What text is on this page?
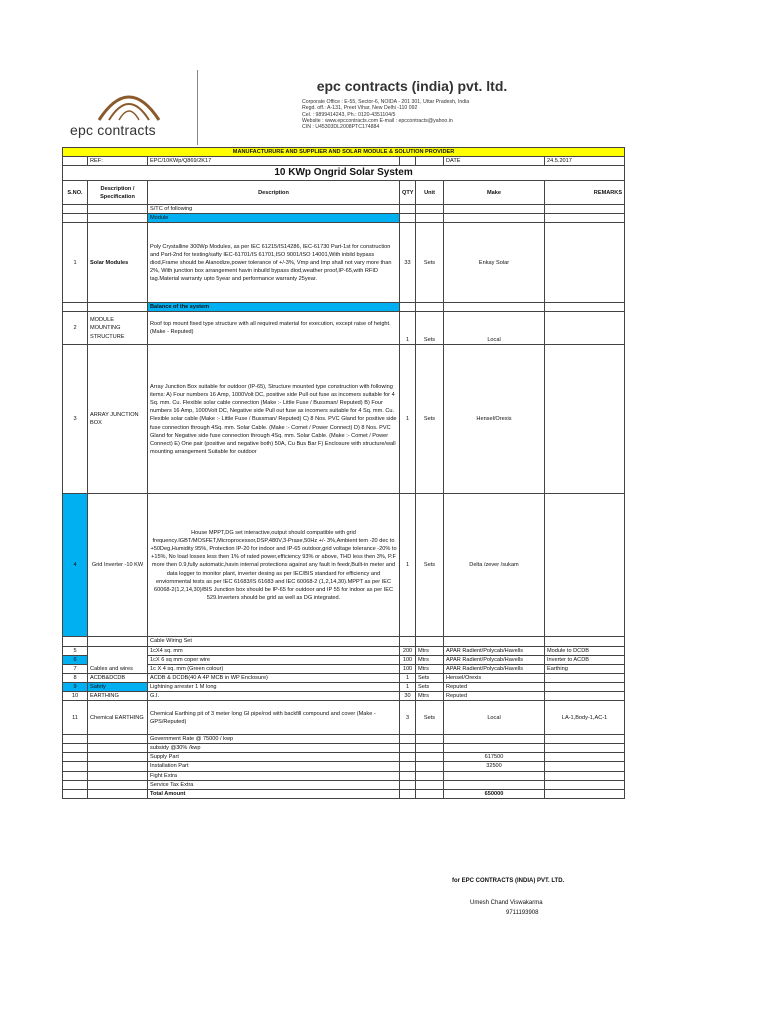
epc contracts
epc contracts (india) pvt. ltd.
Corporate Office : E-55, Sector-6, NOIDA - 201 301, Uttar Pradesh, India
Regd. off.: A-131, Preet Vihar, New Delhi -110 092
Cel. : 9899414243, Ph.: 0120-4351104/5
Website : www.epccontracts.com E-mail : epccontracts@yahoo.in
CIN : U45303DL2008PTC174884
MANUFACTURURE AND SUPPLIER AND SOLAR MODULE & SOLUTION PROVIDER						
	REF:	EPC/10KWp/Q869/2K17			DATE	24.5.2017
10 KWp Ongrid Solar System						
S.NO.	Description / Specification	Description	QTY	Unit	Make	REMARKS
		S/TC of following				
		Module				
1	Solar Modules	Poly Crystalline 300Wp Modules, as per IEC 61215/IS14286, IEC-61730 Part-1st for construction and Part-2nd for testing/safty IEC-61701/IS 61701,ISO 9001/ISO 14001,With inbild bypass diod,Frame should be Alanodize,power tolerance of +/-3%, Vmp and Imp shall not vary more than 2%, With junction box arrangement havin inbuild bypass diod,weather proof,IP-65,with RFID tag.Material warranty upto 5year and performance warranty 25year.	33	Sets	Enkay Solar	
		Balance of the system				
2	MODULE MOUNTING STRUCTURE	Roof top mount fixed type structure with all required material for execution, except raise of height. (Make - Reputed)	1	Sets	Local	
3	ARRAY JUNCTION BOX	Array Junction Box suitable for outdoor (IP-65), Structure mounted type construction with following items: A) Four numbers 16 Amp, 1000Volt DC, positive side Pull out fuse as incomers suitable for 4 Sq. mm. Cu. Flexible solar cable connection (Make :- Little Fuse / Bussman/ Reputed) B) Four numbers 16 Amp, 1000Volt DC, Negative side Pull out fuse as incomers suitable for 4 Sq. mm. Cu. Flexible solar cable (Make :- Little Fuse / Bussman/ Reputed) C) 8 Nos. PVC Gland for positive side fuse connection through 4Sq. mm. Solar Cable. (Make :- Comet / Power Connect) D) 8 Nos. PVC Gland for Negative side fuse connection through 4Sq. mm. Solar Cable. (Make :- Comet / Power Connect) E) One pair (positive and negative both) 50A, Cu Bus Bar F) Enclosure with structure/wall mounting arrangement Suitable for outdoor	1	Sets	Hensel/Orexis	
4	Grid Inverter -10 KW	House MPPT,DG set interactive,output should compatible with grid frequency.IGBT/MOSFET,Microprocessor,DSP,480V,3-Prase,50Hz +/- 3%,Ambient tem -20 dec to +50Deg,Humidity 95%, Protection IP-20 for indoor and IP-65 outdoor,grid voltage tolerance -20% to +15%, No load losses less then 1% of rated power,efficiency 93% or above, THD less then 3%, P.F more then 0.9,fully automatic,havin internal protections against any fault in feedr,Built-in meter and data logger to monitor plant, inverter desing as per IEC/BIS standard for efficiency and enviornmental tests as per IEC 61683/IS 61683 and IEC 60068-2 (1,2,14,30).MPPT as per IEC 60068-2(1,2,14,30)/BIS Junction box should be IP-65 for outdoor and IP 55 for indoor as per IEC 529.Inverters should be grid as well as DG integrated.	1	Sets	Delta /zever /sukam	
		Cable Wiring Set				
5	Cables and wires	1cX4 sq. mm	200	Mtrs	APAR Radient/Polycab/Havells	Module to DCDB
6		1cX 6 sq mm coper wire	100	Mtrs	APAR Radient/Polycab/Havells	Inverter to ACDB
7		1c X 4 sq. mm (Green colour)	100	Mtrs	APAR Radient/Polycab/Havells	Earthing
8	ACDB&DCDB	ACDB & DCDB(40 A 4P MCB in WP Enclosure)	1	Sets	Hensel/Orexis	
9	Safety	Lightning arrester 1 M long	1	Sets	Reputed	
10	EARTHING	G.I.	30	Mtrs	Reputed	
11	Chemical EARTHING	Chemical Earthing pit of 3 meter long GI pipe/rod with backfill compound and cover (Make - GPS/Reputed)	3	Sets	Local	LA-1,Body-1,AC-1
		Government Rate @ 75000 / kwp				
		subsidy @30% /kwp				
		Supply Part			617500	
		Installation Part			32500	
		Fight Extra				
		Service Tax Extra				
		Total Amount			650000	
for EPC CONTRACTS (INDIA) PVT. LTD.
Umesh Chand Viswakarma
9711193908
